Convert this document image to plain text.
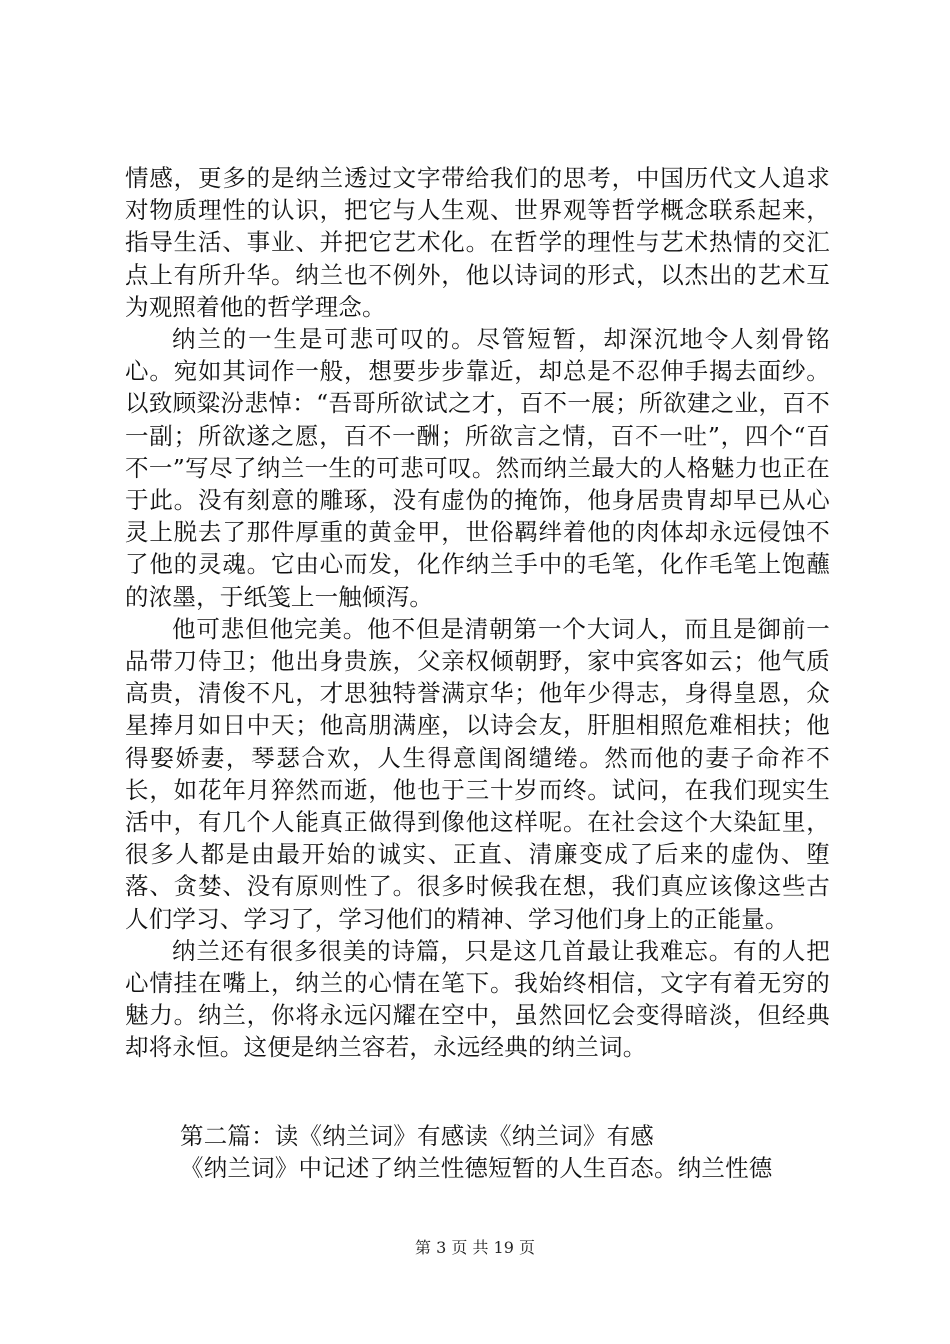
情感，更多的是纳兰透过文字带给我们的思考，中国历代文人追求对物质理性的认识，把它与人生观、世界观等哲学概念联系起来，指导生活、事业、并把它艺术化。在哲学的理性与艺术热情的交汇点上有所升华。纳兰也不例外，他以诗词的形式，以杰出的艺术互为观照着他的哲学理念。

纳兰的一生是可悲可叹的。尽管短暂，却深沉地令人刻骨铭心。宛如其词作一般，想要步步靠近，却总是不忍伸手揭去面纱。以致顾粱汾悲悼：“吾哥所欲试之才，百不一展；所欲建之业，百不一副；所欲遂之愿，百不一酬；所欲言之情，百不一吐”，四个“百不一”写尽了纳兰一生的可悲可叹。然而纳兰最大的人格魅力也正在于此。没有刻意的雕琢，没有虚伪的掩饰，他身居贵胄却早已从心灵上脱去了那件厚重的黄金甲，世俗羁绊着他的肉体却永远侵蚀不了他的灵魂。它由心而发，化作纳兰手中的毛笔，化作毛笔上饱蘸的浓墨，于纸笺上一触倾泻。

他可悲但他完美。他不但是清朝第一个大词人，而且是御前一品带刀侍卫；他出身贵族，父亲权倾朝野，家中宾客如云；他气质高贵，清俊不凡，才思独特誉满京华；他年少得志，身得皇恩，众星捧月如日中天；他高朋满座，以诗会友，肝胆相照危难相扶；他得娶娇妻，琴瑟合欢，人生得意闺阁缱绻。然而他的妻子命祚不长，如花年月猝然而逝，他也于三十岁而终。试问，在我们现实生活中，有几个人能真正做得到像他这样呢。在社会这个大染缸里，很多人都是由最开始的诚实、正直、清廉变成了后来的虚伪、堕落、贪婪、没有原则性了。很多时候我在想，我们真应该像这些古人们学习、学习了，学习他们的精神、学习他们身上的正能量。

纳兰还有很多很美的诗篇，只是这几首最让我难忘。有的人把心情挂在嘴上，纳兰的心情在笔下。我始终相信，文字有着无穷的魅力。纳兰，你将永远闪耀在空中，虽然回忆会变得暗淡，但经典却将永恒。这便是纳兰容若，永远经典的纳兰词。

第二篇：读《纳兰词》有感读《纳兰词》有感

《纳兰词》中记述了纳兰性德短暂的人生百态。纳兰性德

第 3 页 共 19 页
